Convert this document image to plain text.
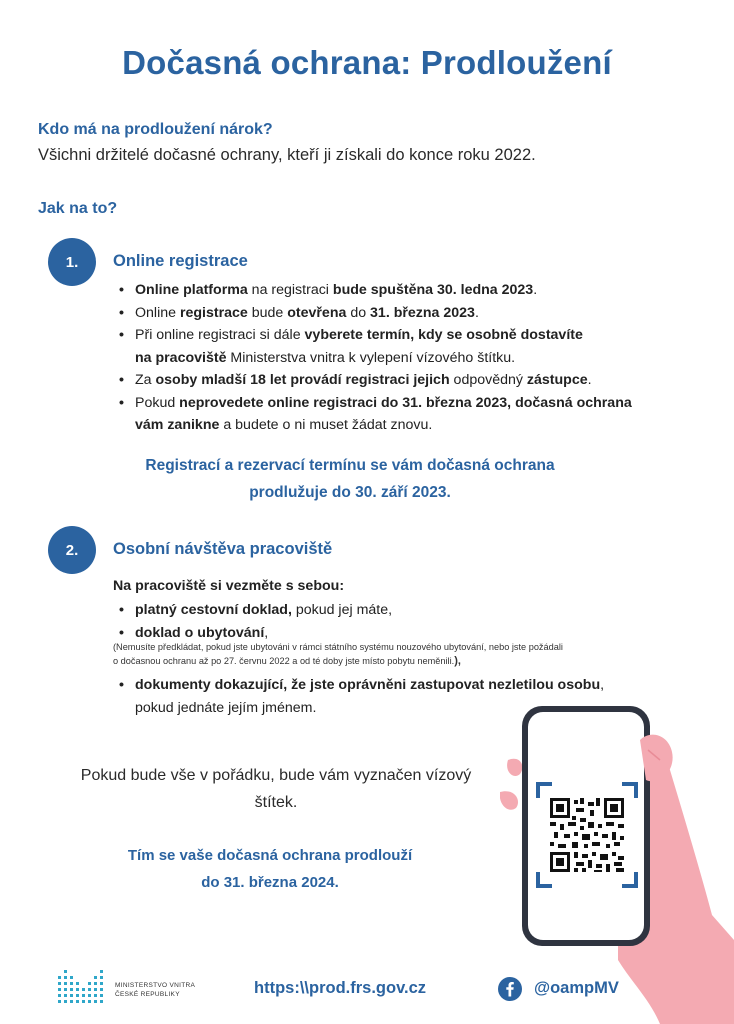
Dočasná ochrana: Prodloužení
Kdo má na prodloužení nárok?
Všichni držitelé dočasné ochrany, kteří ji získali do konce roku 2022.
Jak na to?
1. Online registrace
• Online platforma na registraci bude spuštěna 30. ledna 2023.
• Online registrace bude otevřena do 31. března 2023.
• Při online registraci si dále vyberete termín, kdy se osobně dostavíte
na pracoviště Ministerstva vnitra k vylepení vízového štítku.
• Za osoby mladší 18 let provádí registraci jejich odpovědný zástupce.
• Pokud neprovedete online registraci do 31. března 2023, dočasná ochrana
vám zanikne a budete o ni muset žádat znovu.
Registrací a rezervací termínu se vám dočasná ochrana
prodlužuje do 30. září 2023.
2. Osobní návštěva pracoviště
Na pracoviště si vezměte s sebou:
• platný cestovní doklad, pokud jej máte,
• doklad o ubytování,
(Nemusíte předkládat, pokud jste ubytováni v rámci státního systému nouzového ubytování, nebo jste požádali
o dočasnou ochranu až po 27. červnu 2022 a od té doby jste místo pobytu neměnili.),
• dokumenty dokazující, že jste oprávněni zastupovat nezletilou osobu,
pokud jednáte jejím jménem.
Pokud bude vše v pořádku, bude vám vyznačen vízový
štítek.
Tím se vaše dočasná ochrana prodlouží
do 31. března 2024.
MINISTERSTVO VNITRA
ČESKÉ REPUBLIKY	https:\\prod.frs.gov.cz	@oampMV
